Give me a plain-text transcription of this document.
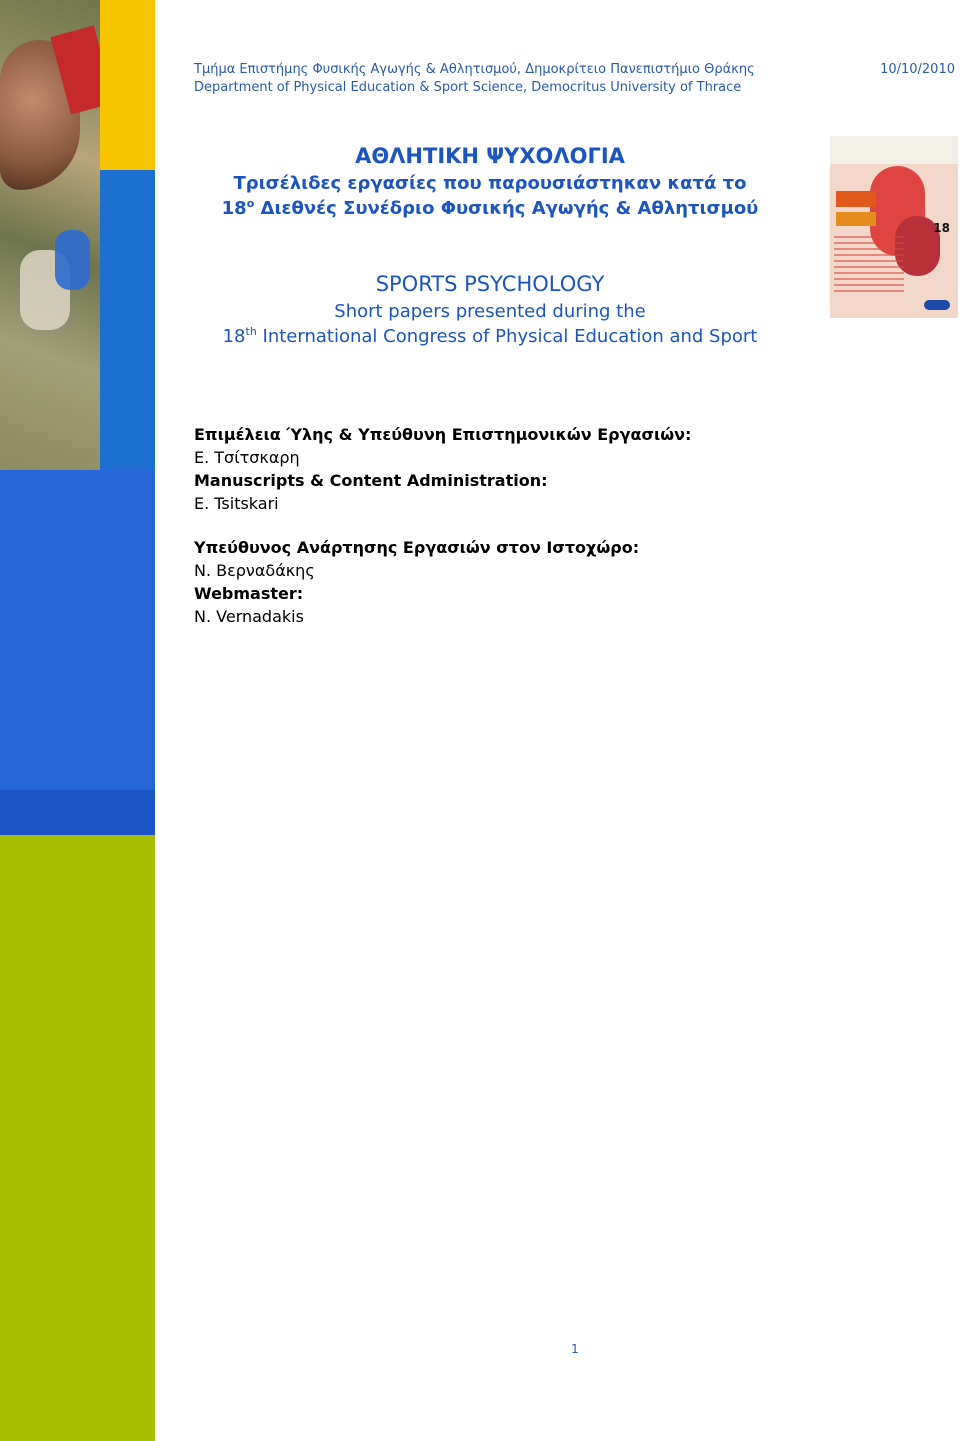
Τμήμα Επιστήμης Φυσικής Αγωγής & Αθλητισμού, Δημοκρίτειο Πανεπιστήμιο Θράκης
Department of Physical Education & Sport Science, Democritus University of Thrace
10/10/2010
ΑΘΛΗΤΙΚΗ ΨΥΧΟΛΟΓΙΑ
Τρισέλιδες εργασίες που παρουσιάστηκαν κατά το
$18^o$ Διεθνές Συνέδριο Φυσικής Αγωγής & Αθλητισμού
SPORTS PSYCHOLOGY
Short papers presented during the
18th International Congress of Physical Education and Sport
18
Επιμέλεια Ύλης & Υπεύθυνη Επιστημονικών Εργασιών:
Ε. Τσίτσκαρη
Manuscripts & Content Administration:
E. Tsitskari
Υπεύθυνος Ανάρτησης Εργασιών στον Ιστοχώρο:
Ν. Βερναδάκης
Webmaster:
N. Vernadakis
1
